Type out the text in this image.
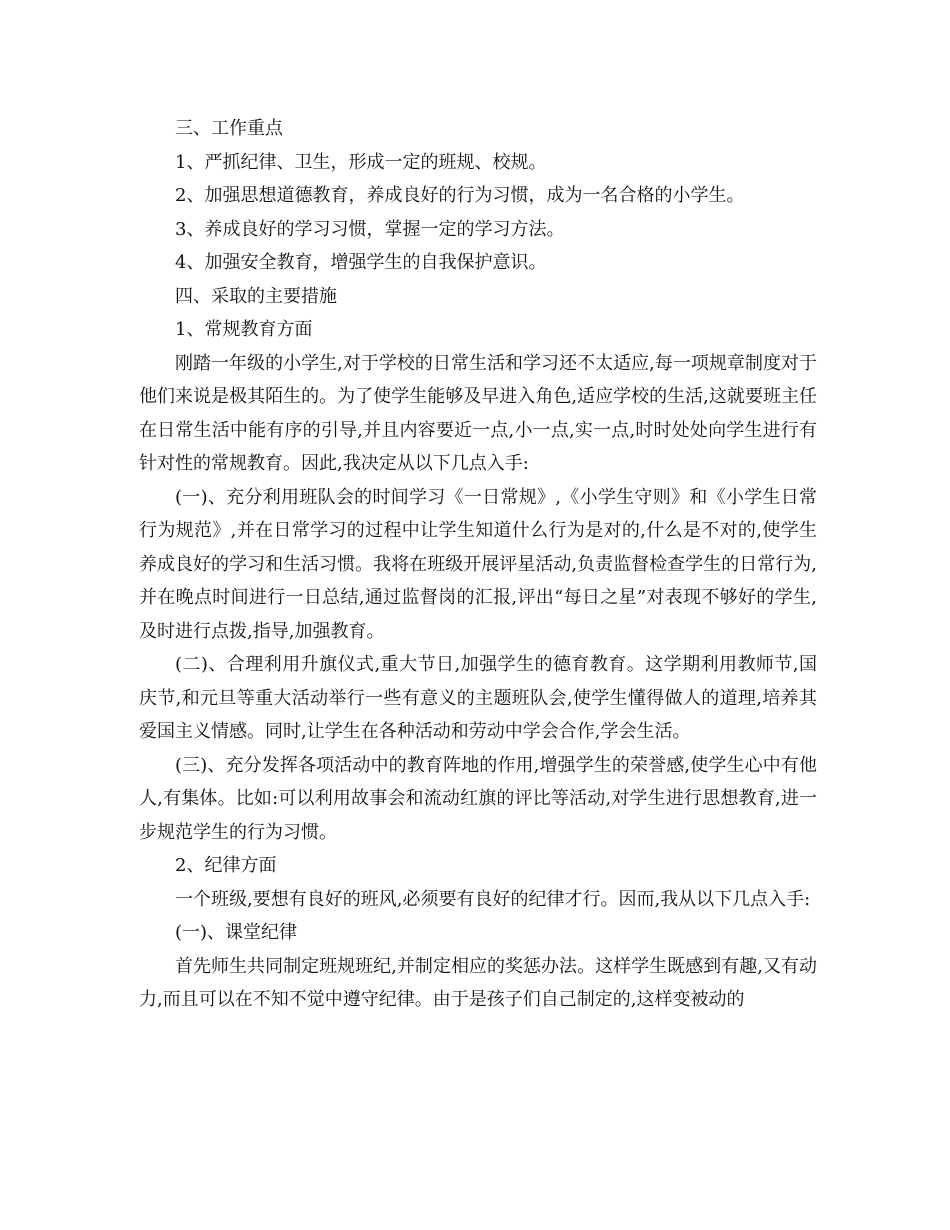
三、工作重点

1、严抓纪律、卫生，形成一定的班规、校规。

2、加强思想道德教育，养成良好的行为习惯，成为一名合格的小学生。

3、养成良好的学习习惯，掌握一定的学习方法。

4、加强安全教育，增强学生的自我保护意识。

四、采取的主要措施

1、常规教育方面

刚踏一年级的小学生,对于学校的日常生活和学习还不太适应,每一项规章制度对于他们来说是极其陌生的。为了使学生能够及早进入角色,适应学校的生活,这就要班主任在日常生活中能有序的引导,并且内容要近一点,小一点,实一点,时时处处向学生进行有针对性的常规教育。因此,我决定从以下几点入手:

(一)、充分利用班队会的时间学习《一日常规》,《小学生守则》和《小学生日常行为规范》,并在日常学习的过程中让学生知道什么行为是对的,什么是不对的,使学生养成良好的学习和生活习惯。我将在班级开展评星活动,负责监督检查学生的日常行为,并在晚点时间进行一日总结,通过监督岗的汇报,评出“每日之星”对表现不够好的学生,及时进行点拨,指导,加强教育。

(二)、合理利用升旗仪式,重大节日,加强学生的德育教育。这学期利用教师节,国庆节,和元旦等重大活动举行一些有意义的主题班队会,使学生懂得做人的道理,培养其爱国主义情感。同时,让学生在各种活动和劳动中学会合作,学会生活。

(三)、充分发挥各项活动中的教育阵地的作用,增强学生的荣誉感,使学生心中有他人,有集体。比如:可以利用故事会和流动红旗的评比等活动,对学生进行思想教育,进一步规范学生的行为习惯。

2、纪律方面

一个班级,要想有良好的班风,必须要有良好的纪律才行。因而,我从以下几点入手:

(一)、课堂纪律

首先师生共同制定班规班纪,并制定相应的奖惩办法。这样学生既感到有趣,又有动力,而且可以在不知不觉中遵守纪律。由于是孩子们自己制定的,这样变被动的
